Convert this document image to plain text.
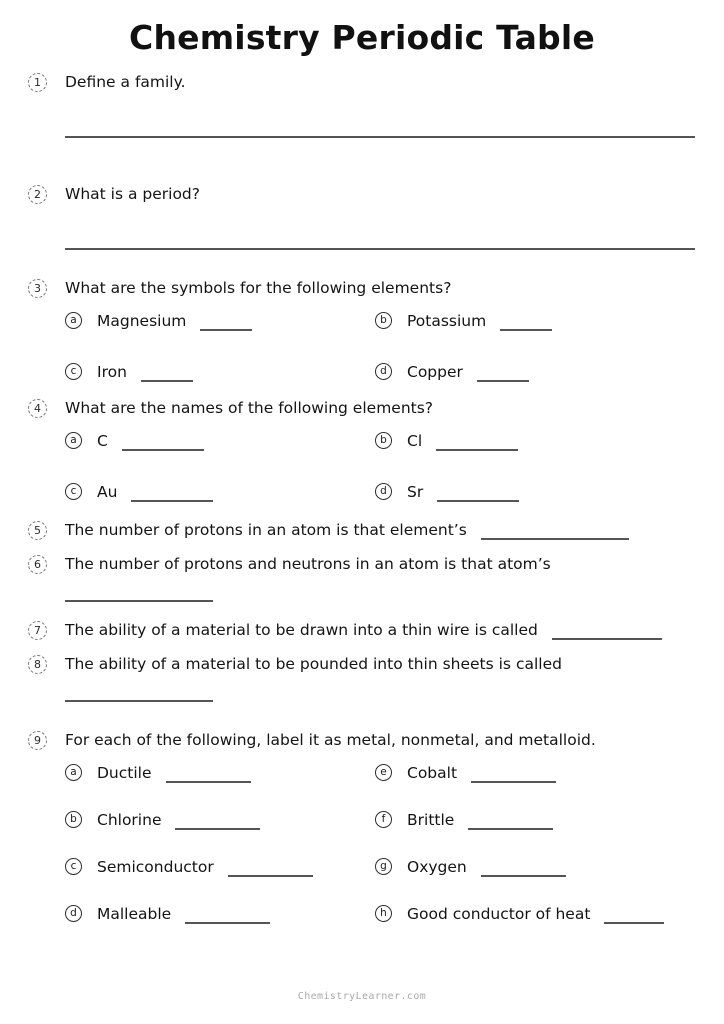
Chemistry Periodic Table
1	Define a family.
2	What is a period?
3	What are the symbols for the following elements?
a	Magnesium	b	Potassium
c	Iron	d	Copper
4	What are the names of the following elements?
a	C	b	Cl
c	Au	d	Sr
5	The number of protons in an atom is that element’s
6	The number of protons and neutrons in an atom is that atom’s
7	The ability of a material to be drawn into a thin wire is called
8	The ability of a material to be pounded into thin sheets is called
9	For each of the following, label it as metal, nonmetal, and metalloid.
a	Ductile	e	Cobalt
b	Chlorine	f	Brittle
c	Semiconductor	g	Oxygen
d	Malleable	h	Good conductor of heat
ChemistryLearner.com
